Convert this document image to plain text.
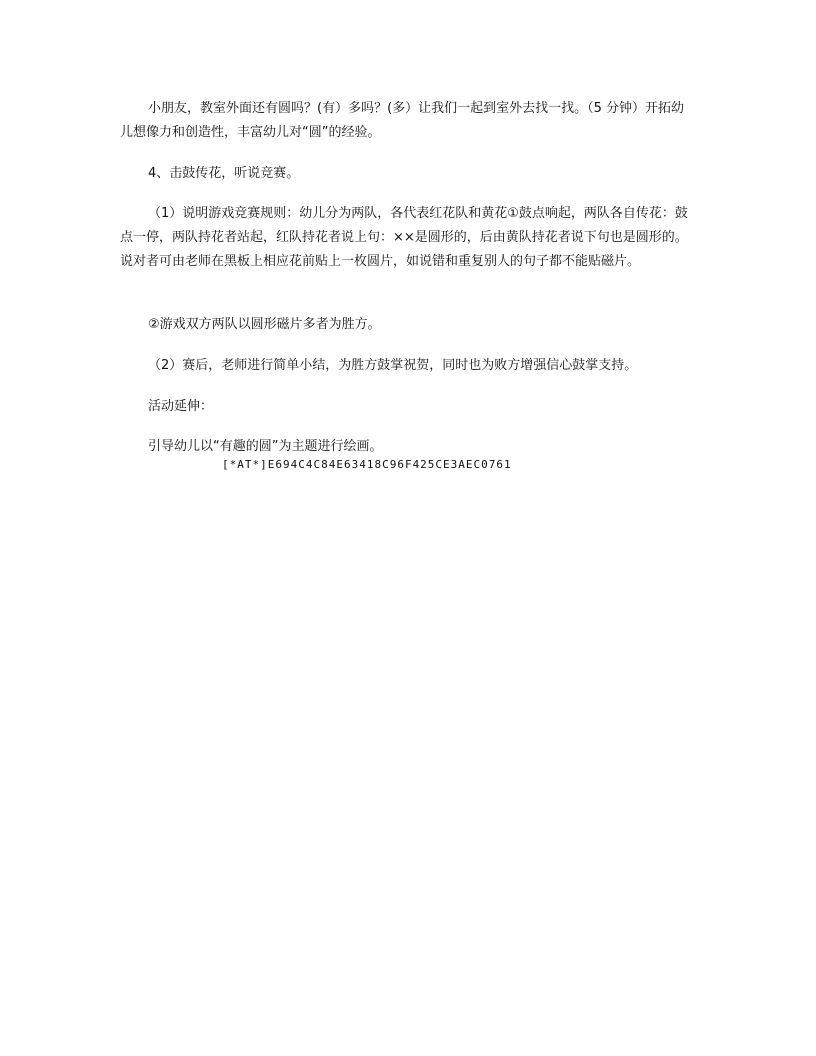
小朋友，教室外面还有圆吗？(有）多吗？(多）让我们一起到室外去找一找。（5 分钟）开拓幼儿想像力和创造性，丰富幼儿对“圆”的经验。

4、击鼓传花，听说竞赛。

（1）说明游戏竞赛规则：幼儿分为两队，各代表红花队和黄花①鼓点响起，两队各自传花：鼓点一停，两队持花者站起，红队持花者说上句：××是圆形的，后由黄队持花者说下句也是圆形的。说对者可由老师在黑板上相应花前贴上一枚圆片，如说错和重复别人的句子都不能贴磁片。

②游戏双方两队以圆形磁片多者为胜方。

（2）赛后，老师进行简单小结，为胜方鼓掌祝贺，同时也为败方增强信心鼓掌支持。

活动延伸：

引导幼儿以“有趣的圆”为主题进行绘画。

[*AT*]E694C4C84E63418C96F425CE3AEC0761
